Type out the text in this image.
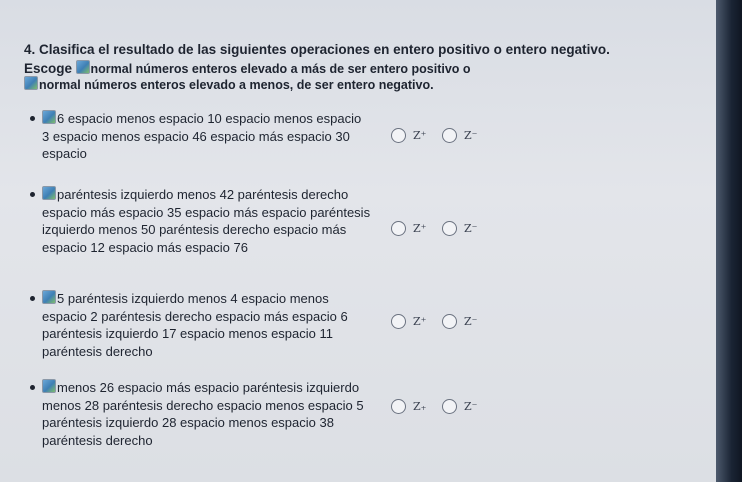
4. Clasifica el resultado de las siguientes operaciones en entero positivo o entero negativo.
Escoge normal números enteros elevado a más de ser entero positivo o
normal números enteros elevado a menos, de ser entero negativo.
6 espacio menos espacio 10 espacio menos espacio 3 espacio menos espacio 46 espacio más espacio 30 espacio
Z⁺	Z⁻
paréntesis izquierdo menos 42 paréntesis derecho espacio más espacio 35 espacio más espacio paréntesis izquierdo menos 50 paréntesis derecho espacio más espacio 12 espacio más espacio 76
Z⁺	Z⁻
5 paréntesis izquierdo menos 4 espacio menos espacio 2 paréntesis derecho espacio más espacio 6 paréntesis izquierdo 17 espacio menos espacio 11 paréntesis derecho
Z⁺	Z⁻
menos 26 espacio más espacio paréntesis izquierdo menos 28 paréntesis derecho espacio menos espacio 5 paréntesis izquierdo 28 espacio menos espacio 38 paréntesis derecho
Z₊	Z⁻
